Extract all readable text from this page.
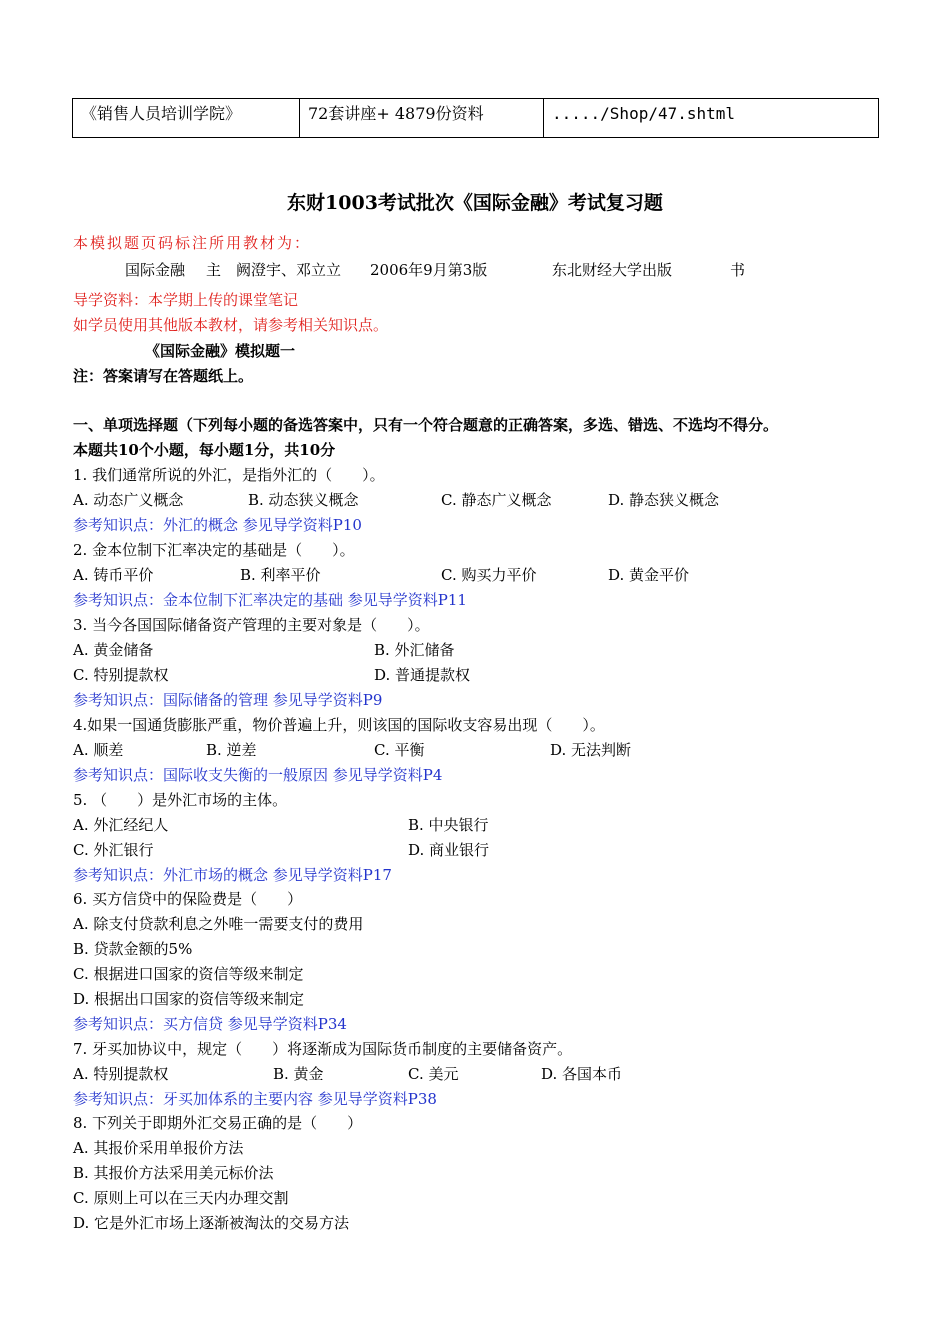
《销售人员培训学院》	72套讲座+ 4879份资料	...../Shop/47.shtml
东财1003考试批次《国际金融》考试复习题
本模拟题页码标注所用教材为：
国际金融 主　阙澄宇、邓立立 2006年9月第3版	东北财经大学出版	书
导学资料：本学期上传的课堂笔记
如学员使用其他版本教材，请参考相关知识点。
《国际金融》模拟题一
注：答案请写在答题纸上。
一、单项选择题（下列每小题的备选答案中，只有一个符合题意的正确答案，多选、错选、不选均不得分。
本题共10个小题，每小题1分，共10分
1. 我们通常所说的外汇，是指外汇的（　　）。
A. 动态广义概念	B. 动态狭义概念	C. 静态广义概念	D. 静态狭义概念
参考知识点：外汇的概念 参见导学资料P10
2. 金本位制下汇率决定的基础是（　　）。
A. 铸币平价	B. 利率平价	C. 购买力平价	D. 黄金平价
参考知识点：金本位制下汇率决定的基础 参见导学资料P11
3. 当今各国国际储备资产管理的主要对象是（　　）。
A. 黄金储备	B. 外汇储备
C. 特别提款权	D. 普通提款权
参考知识点：国际储备的管理 参见导学资料P9
4.如果一国通货膨胀严重，物价普遍上升，则该国的国际收支容易出现（　　）。
A. 顺差	B. 逆差	C. 平衡	D. 无法判断
参考知识点：国际收支失衡的一般原因 参见导学资料P4
5. （　　）是外汇市场的主体。
A. 外汇经纪人	B. 中央银行
C. 外汇银行	D. 商业银行
参考知识点：外汇市场的概念 参见导学资料P17
6. 买方信贷中的保险费是（　　）
A. 除支付贷款利息之外唯一需要支付的费用
B. 贷款金额的5%
C. 根据进口国家的资信等级来制定
D. 根据出口国家的资信等级来制定
参考知识点：买方信贷 参见导学资料P34
7. 牙买加协议中，规定（　　）将逐渐成为国际货币制度的主要储备资产。
A. 特别提款权	B. 黄金	C. 美元	D. 各国本币
参考知识点：牙买加体系的主要内容 参见导学资料P38
8. 下列关于即期外汇交易正确的是（　　）
A. 其报价采用单报价方法
B. 其报价方法采用美元标价法
C. 原则上可以在三天内办理交割
D. 它是外汇市场上逐渐被淘汰的交易方法
